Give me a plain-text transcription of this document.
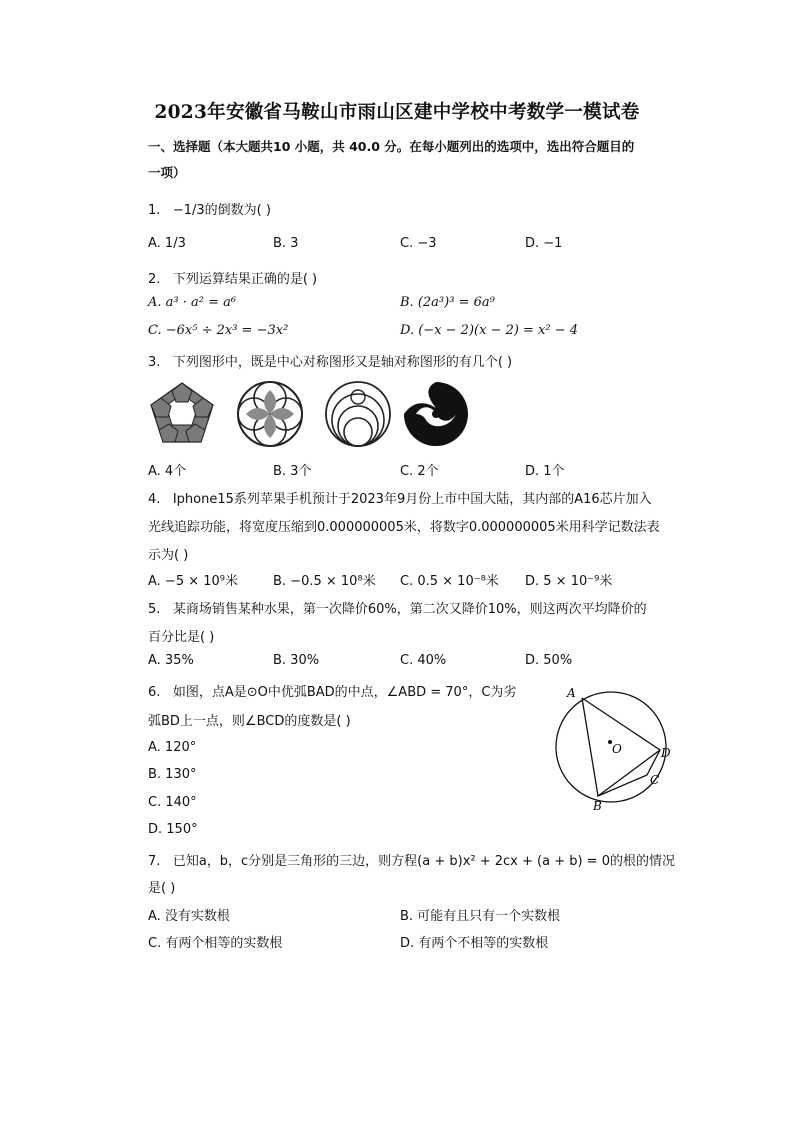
2023年安徽省马鞍山市雨山区建中学校中考数学一模试卷
一、选择题（本大题共10 小题，共 40.0 分。在每小题列出的选项中，选出符合题目的
一项）
1. −1/3的倒数为( )
A. 1/3	B. 3	C. −3	D. −1
2. 下列运算结果正确的是( )
A. a³ · a² = a⁶	B. (2a³)³ = 6a⁹
C. −6x⁵ ÷ 2x³ = −3x²	D. (−x − 2)(x − 2) = x² − 4
3. 下列图形中，既是中心对称图形又是轴对称图形的有几个( )
A. 4个	B. 3个	C. 2个	D. 1个
4. Iphone15系列苹果手机预计于2023年9月份上市中国大陆，其内部的A16芯片加入
光线追踪功能，将宽度压缩到0.000000005米，将数字0.000000005米用科学记数法表
示为( )
A. −5 × 10⁹米	B. −0.5 × 10⁸米 C. 0.5 × 10⁻⁸米 D. 5 × 10⁻⁹米
5. 某商场销售某种水果，第一次降价60%，第二次又降价10%，则这两次平均降价的
百分比是( )
A. 35%	B. 30%	C. 40%	D. 50%
6. 如图，点A是⊙O中优弧BAD的中点，∠ABD = 70°，C为劣
弧BD上一点，则∠BCD的度数是( )
A. 120°
B. 130°
C. 140°
D. 150°
A
B
C
D
O
7. 已知a，b，c分别是三角形的三边，则方程(a + b)x² + 2cx + (a + b) = 0的根的情况
是( )
A. 没有实数根	B. 可能有且只有一个实数根
C. 有两个相等的实数根	D. 有两个不相等的实数根
